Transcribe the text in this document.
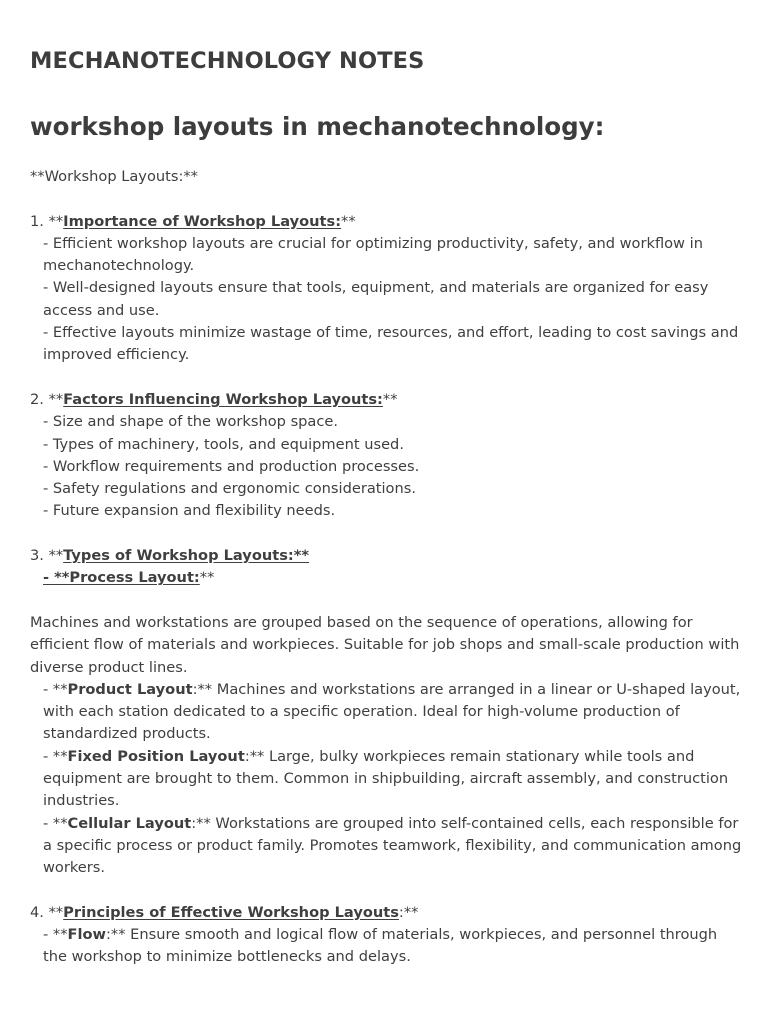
MECHANOTECHNOLOGY NOTES
workshop layouts in mechanotechnology:

**Workshop Layouts:**

1. **Importance of Workshop Layouts:**

- Efficient workshop layouts are crucial for optimizing productivity, safety, and workflow in mechanotechnology.

- Well-designed layouts ensure that tools, equipment, and materials are organized for easy access and use.

- Effective layouts minimize wastage of time, resources, and effort, leading to cost savings and improved efficiency.

2. **Factors Influencing Workshop Layouts:**

- Size and shape of the workshop space.

- Types of machinery, tools, and equipment used.

- Workflow requirements and production processes.

- Safety regulations and ergonomic considerations.

- Future expansion and flexibility needs.

3. **Types of Workshop Layouts:**

- **Process Layout:**

Machines and workstations are grouped based on the sequence of operations, allowing for efficient flow of materials and workpieces. Suitable for job shops and small-scale production with diverse product lines.

- **Product Layout:** Machines and workstations are arranged in a linear or U-shaped layout, with each station dedicated to a specific operation. Ideal for high-volume production of standardized products.

- **Fixed Position Layout:** Large, bulky workpieces remain stationary while tools and equipment are brought to them. Common in shipbuilding, aircraft assembly, and construction industries.

- **Cellular Layout:** Workstations are grouped into self-contained cells, each responsible for a specific process or product family. Promotes teamwork, flexibility, and communication among workers.

4. **Principles of Effective Workshop Layouts:**

- **Flow:** Ensure smooth and logical flow of materials, workpieces, and personnel through the workshop to minimize bottlenecks and delays.
